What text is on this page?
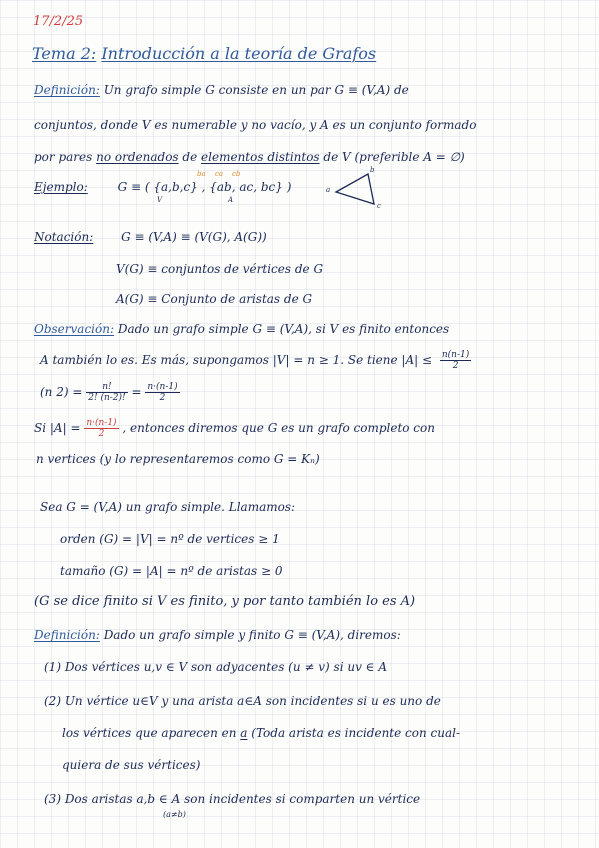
17/2/25
Tema 2: Introducción a la teoría de Grafos
Definición: Un grafo simple G consiste en un par G ≡ (V,A) de
conjuntos, donde V es numerable y no vacío, y A es un conjunto formado
por pares no ordenados de elementos distintos de V (preferible A = ∅)
Ejemplo: G ≡ ( {a,b,c} , {ab, ac, bc} )
ba ca cb
V	A
a
b
c
Notación: G ≡ (V,A) ≡ (V(G), A(G))
V(G) ≡ conjuntos de vértices de G
A(G) ≡ Conjunto de aristas de G
Observación: Dado un grafo simple G ≡ (V,A), si V es finito entonces
A también lo es. Es más, supongamos |V| = n ≥ 1. Se tiene $|A| \le \frac{n(n-1)}{2}$
(n $2) = \frac{n!}{2! (n-2)!} = \frac{n\cdot(n-1)}{2}$
Si $|A| = \frac{n\cdot(n-1)}{2}$ , entonces diremos que G es un grafo completo con
n vertices (y lo representaremos como G = Kₙ)
Sea G = (V,A) un grafo simple. Llamamos:
orden (G) = |V| = nº de vertices ≥ 1
tamaño (G) = |A| = nº de aristas ≥ 0
(G se dice finito si V es finito, y por tanto también lo es A)
Definición: Dado un grafo simple y finito G ≡ (V,A), diremos:
(1) Dos vértices u,v ∈ V son adyacentes (u ≠ v) si uv ∈ A
(2) Un vértice u∈V y una arista a∈A son incidentes si u es uno de
los vértices que aparecen en a (Toda arista es incidente con cual-
quiera de sus vértices)
(3) Dos aristas a,b ∈ A son incidentes si comparten un vértice
(a≠b)
